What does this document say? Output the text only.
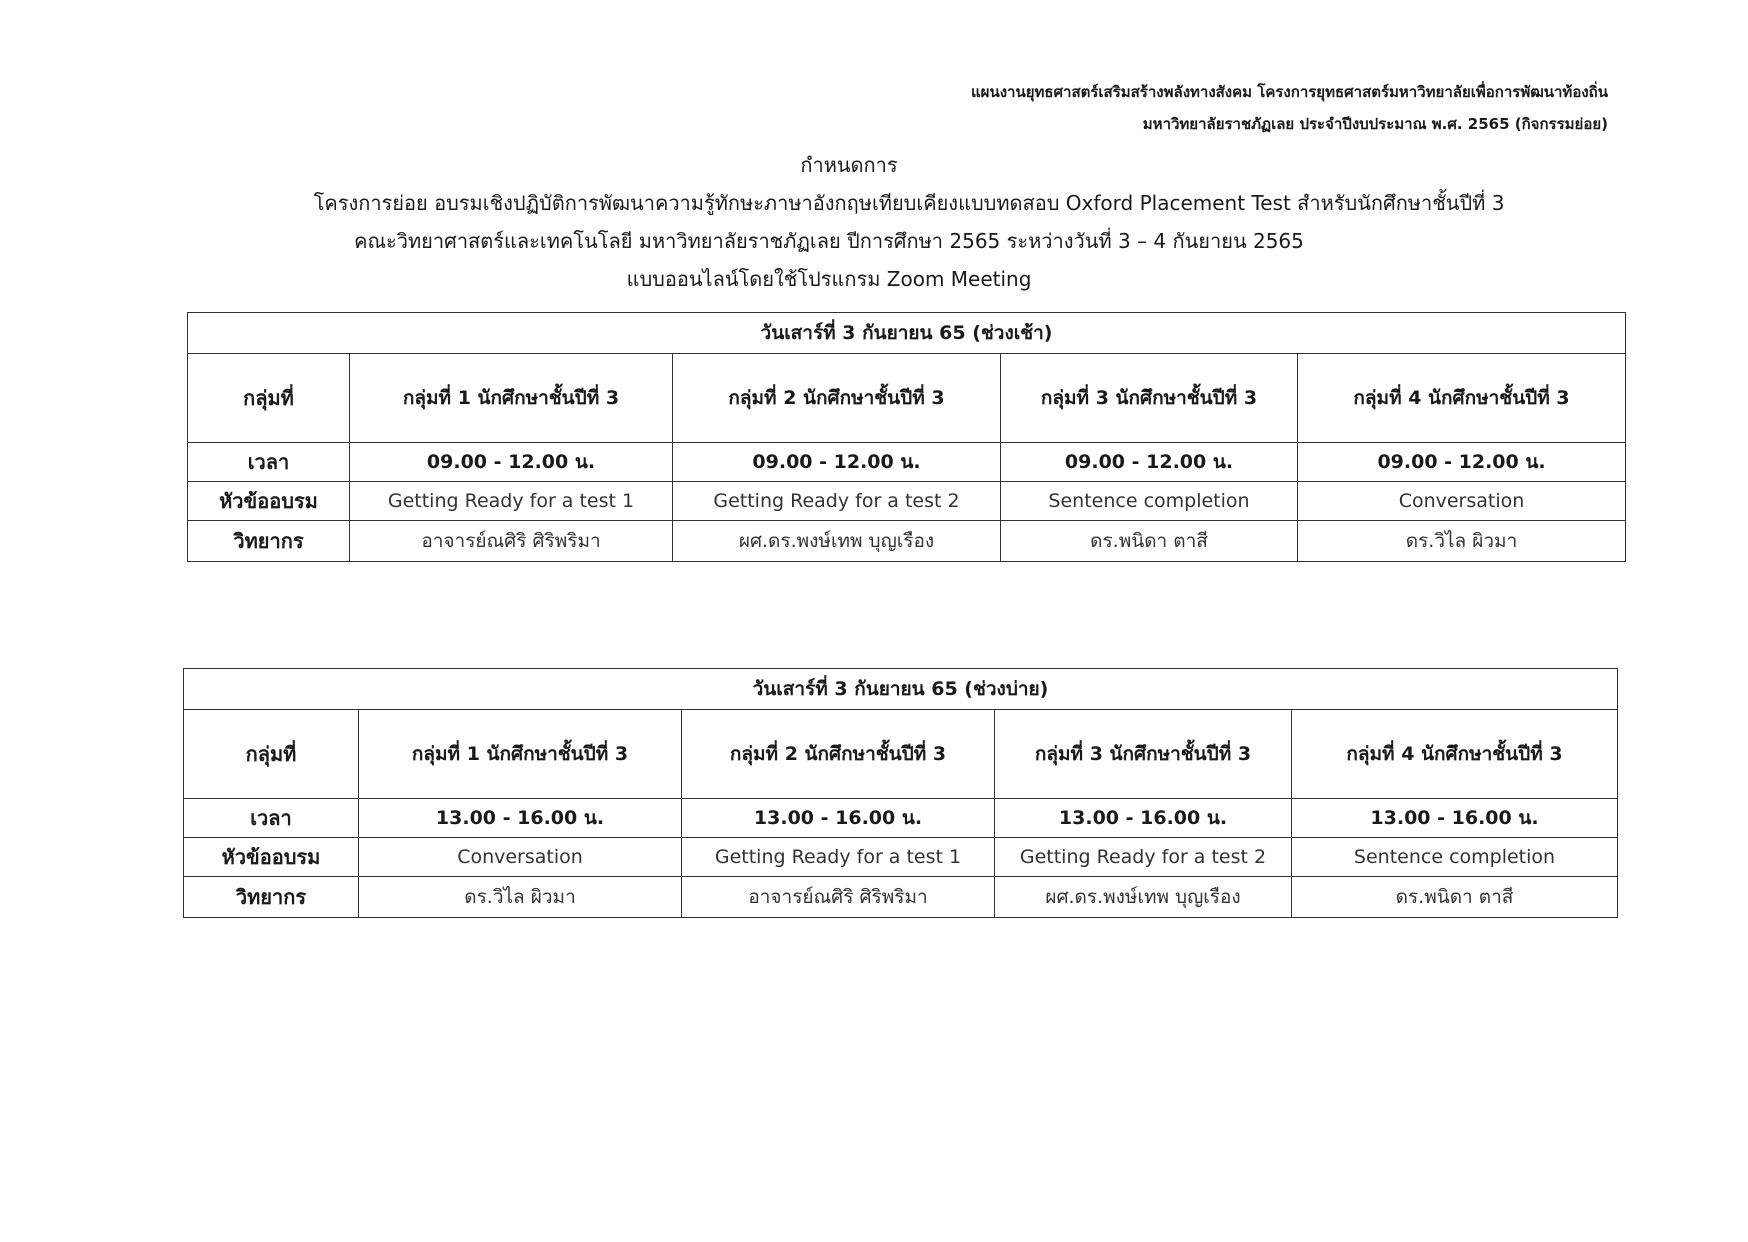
แผนงานยุทธศาสตร์เสริมสร้างพลังทางสังคม โครงการยุทธศาสตร์มหาวิทยาลัยเพื่อการพัฒนาท้องถิ่น
มหาวิทยาลัยราชภัฏเลย ประจำปีงบประมาณ พ.ศ. 2565 (กิจกรรมย่อย)
กำหนดการ
โครงการย่อย อบรมเชิงปฏิบัติการพัฒนาความรู้ทักษะภาษาอังกฤษเทียบเคียงแบบทดสอบ Oxford Placement Test สำหรับนักศึกษาชั้นปีที่ 3
คณะวิทยาศาสตร์และเทคโนโลยี มหาวิทยาลัยราชภัฏเลย ปีการศึกษา 2565 ระหว่างวันที่ 3 – 4 กันยายน 2565
แบบออนไลน์โดยใช้โปรแกรม Zoom Meeting
วันเสาร์ที่ 3 กันยายน 65 (ช่วงเช้า)				
กลุ่มที่	กลุ่มที่ 1 นักศึกษาชั้นปีที่ 3	กลุ่มที่ 2 นักศึกษาชั้นปีที่ 3	กลุ่มที่ 3 นักศึกษาชั้นปีที่ 3	กลุ่มที่ 4 นักศึกษาชั้นปีที่ 3
เวลา	09.00 - 12.00 น.	09.00 - 12.00 น.	09.00 - 12.00 น.	09.00 - 12.00 น.
หัวข้ออบรม	Getting Ready for a test 1	Getting Ready for a test 2	Sentence completion	Conversation
วิทยากร	อาจารย์ณศิริ ศิริพริมา	ผศ.ดร.พงษ์เทพ บุญเรือง	ดร.พนิดา ตาสี	ดร.วิไล ผิวมา
วันเสาร์ที่ 3 กันยายน 65 (ช่วงบ่าย)				
กลุ่มที่	กลุ่มที่ 1 นักศึกษาชั้นปีที่ 3	กลุ่มที่ 2 นักศึกษาชั้นปีที่ 3	กลุ่มที่ 3 นักศึกษาชั้นปีที่ 3	กลุ่มที่ 4 นักศึกษาชั้นปีที่ 3
เวลา	13.00 - 16.00 น.	13.00 - 16.00 น.	13.00 - 16.00 น.	13.00 - 16.00 น.
หัวข้ออบรม	Conversation	Getting Ready for a test 1	Getting Ready for a test 2	Sentence completion
วิทยากร	ดร.วิไล ผิวมา	อาจารย์ณศิริ ศิริพริมา	ผศ.ดร.พงษ์เทพ บุญเรือง	ดร.พนิดา ตาสี
